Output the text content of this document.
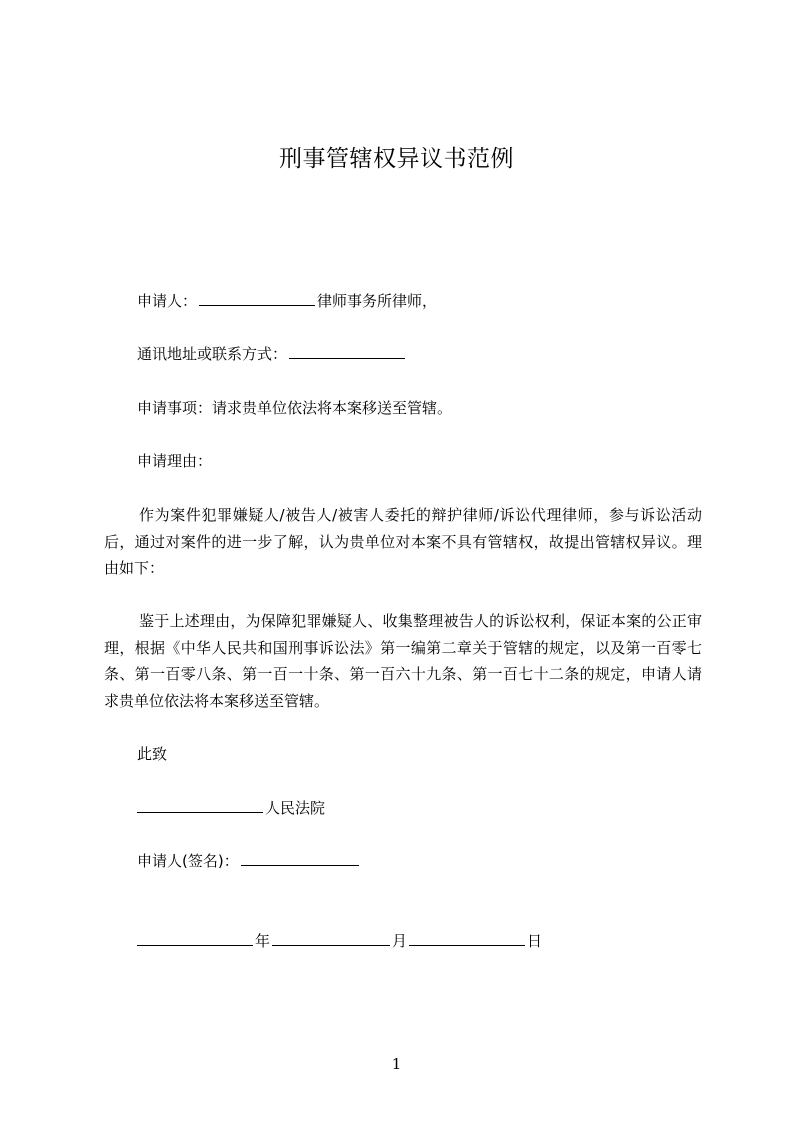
刑事管辖权异议书范例
申请人：	律师事务所律师，
通讯地址或联系方式：
申请事项：请求贵单位依法将本案移送至管辖。
申请理由：
作为案件犯罪嫌疑人/被告人/被害人委托的辩护律师/诉讼代理律师，参与诉讼活动后，通过对案件的进一步了解，认为贵单位对本案不具有管辖权，故提出管辖权异议。理由如下：
鉴于上述理由，为保障犯罪嫌疑人、收集整理被告人的诉讼权利，保证本案的公正审理，根据《中华人民共和国刑事诉讼法》第一编第二章关于管辖的规定，以及第一百零七条、第一百零八条、第一百一十条、第一百六十九条、第一百七十二条的规定，申请人请求贵单位依法将本案移送至管辖。
此致
人民法院
申请人(签名)：
年	月	日
1
